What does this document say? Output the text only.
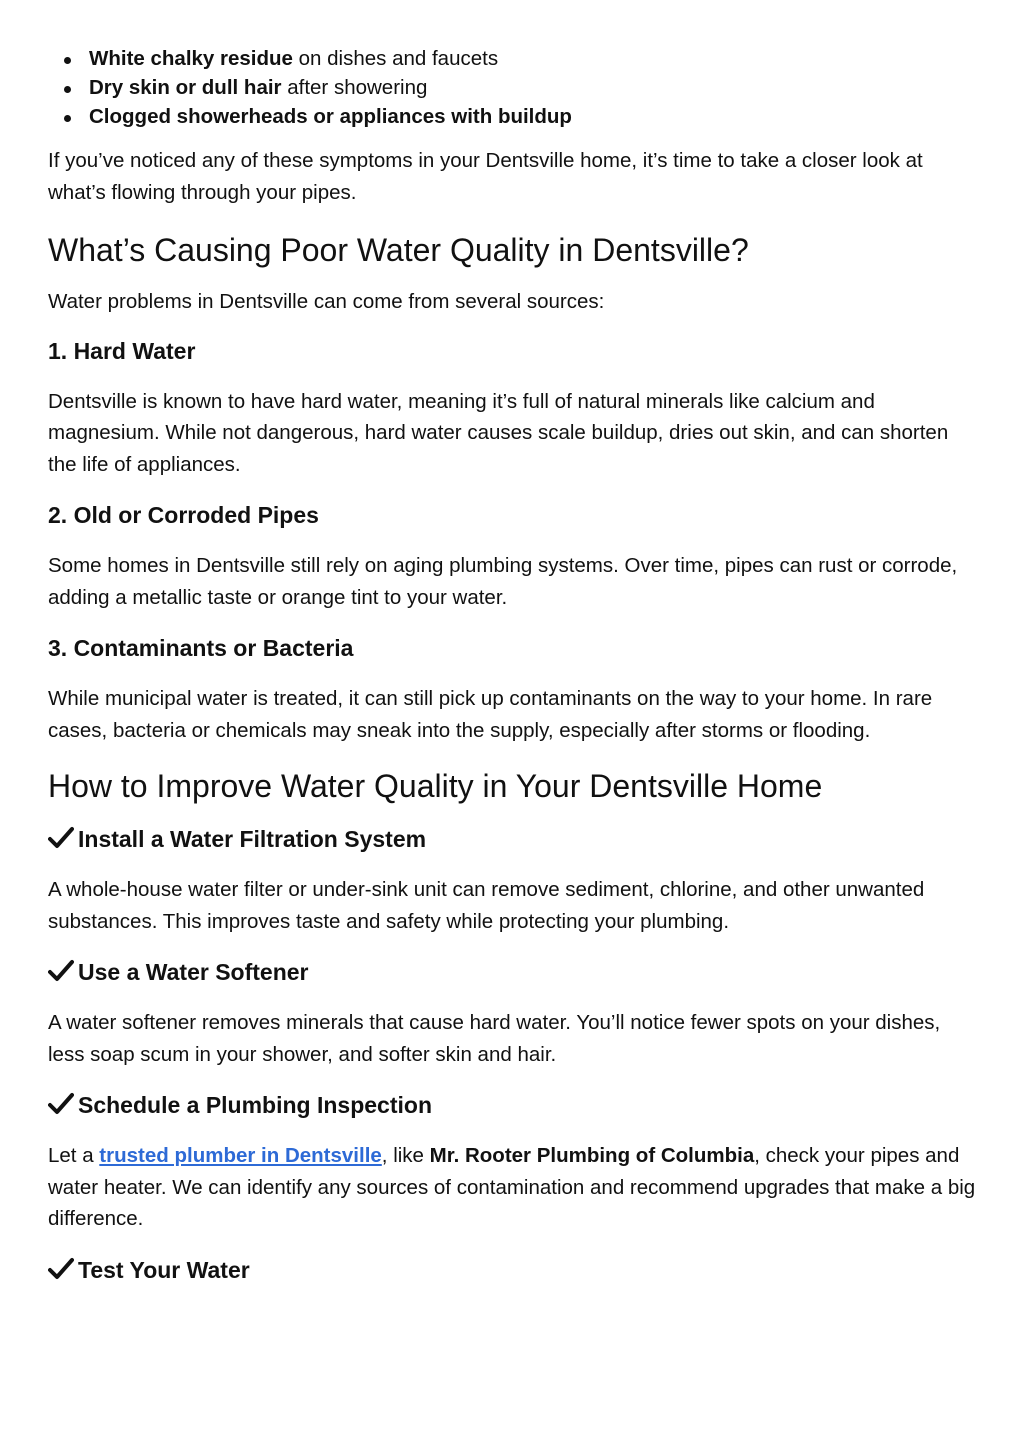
White chalky residue on dishes and faucets
Dry skin or dull hair after showering
Clogged showerheads or appliances with buildup

If you’ve noticed any of these symptoms in your Dentsville home, it’s time to take a closer look at what’s flowing through your pipes.

What’s Causing Poor Water Quality in Dentsville?

Water problems in Dentsville can come from several sources:

1. Hard Water

Dentsville is known to have hard water, meaning it’s full of natural minerals like calcium and magnesium. While not dangerous, hard water causes scale buildup, dries out skin, and can shorten the life of appliances.

2. Old or Corroded Pipes

Some homes in Dentsville still rely on aging plumbing systems. Over time, pipes can rust or corrode, adding a metallic taste or orange tint to your water.

3. Contaminants or Bacteria

While municipal water is treated, it can still pick up contaminants on the way to your home. In rare cases, bacteria or chemicals may sneak into the supply, especially after storms or flooding.

How to Improve Water Quality in Your Dentsville Home
Install a Water Filtration System

A whole-house water filter or under-sink unit can remove sediment, chlorine, and other unwanted substances. This improves taste and safety while protecting your plumbing.

Use a Water Softener

A water softener removes minerals that cause hard water. You’ll notice fewer spots on your dishes, less soap scum in your shower, and softer skin and hair.

Schedule a Plumbing Inspection

Let a trusted plumber in Dentsville, like Mr. Rooter Plumbing of Columbia, check your pipes and water heater. We can identify any sources of contamination and recommend upgrades that make a big difference.

Test Your Water
